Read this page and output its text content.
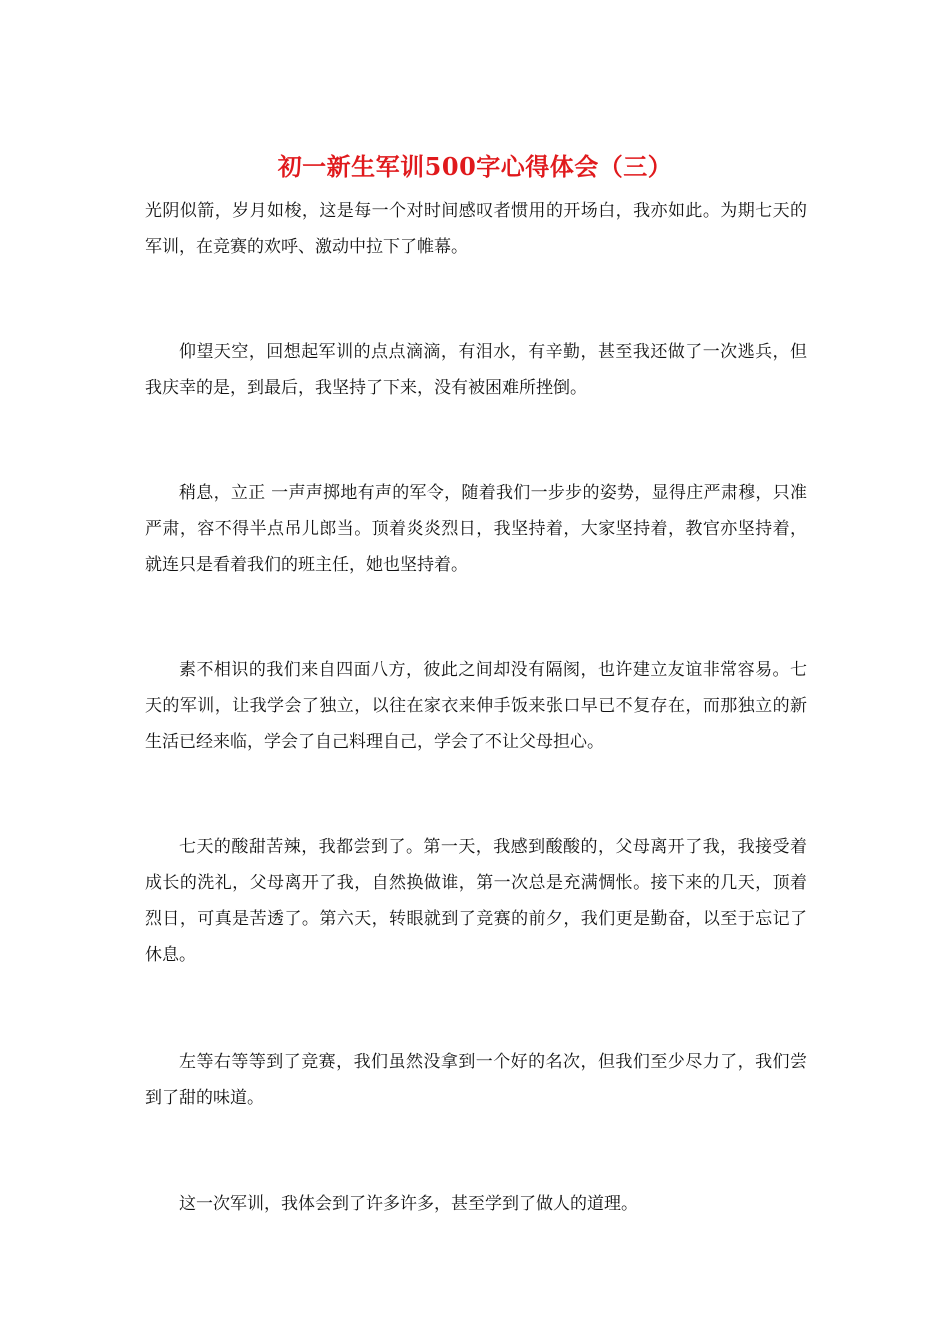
初一新生军训500字心得体会（三）

光阴似箭，岁月如梭，这是每一个对时间感叹者惯用的开场白，我亦如此。为期七天的军训，在竞赛的欢呼、激动中拉下了帷幕。

仰望天空，回想起军训的点点滴滴，有泪水，有辛勤，甚至我还做了一次逃兵，但我庆幸的是，到最后，我坚持了下来，没有被困难所挫倒。

稍息，立正 一声声掷地有声的军令，随着我们一步步的姿势，显得庄严肃穆，只准严肃，容不得半点吊儿郎当。顶着炎炎烈日，我坚持着，大家坚持着，教官亦坚持着，就连只是看着我们的班主任，她也坚持着。

素不相识的我们来自四面八方，彼此之间却没有隔阂，也许建立友谊非常容易。七天的军训，让我学会了独立，以往在家衣来伸手饭来张口早已不复存在，而那独立的新生活已经来临，学会了自己料理自己，学会了不让父母担心。

七天的酸甜苦辣，我都尝到了。第一天，我感到酸酸的，父母离开了我，我接受着成长的洗礼，父母离开了我，自然换做谁，第一次总是充满惆怅。接下来的几天，顶着烈日，可真是苦透了。第六天，转眼就到了竞赛的前夕，我们更是勤奋，以至于忘记了休息。

左等右等等到了竞赛，我们虽然没拿到一个好的名次，但我们至少尽力了，我们尝到了甜的味道。

这一次军训，我体会到了许多许多，甚至学到了做人的道理。
